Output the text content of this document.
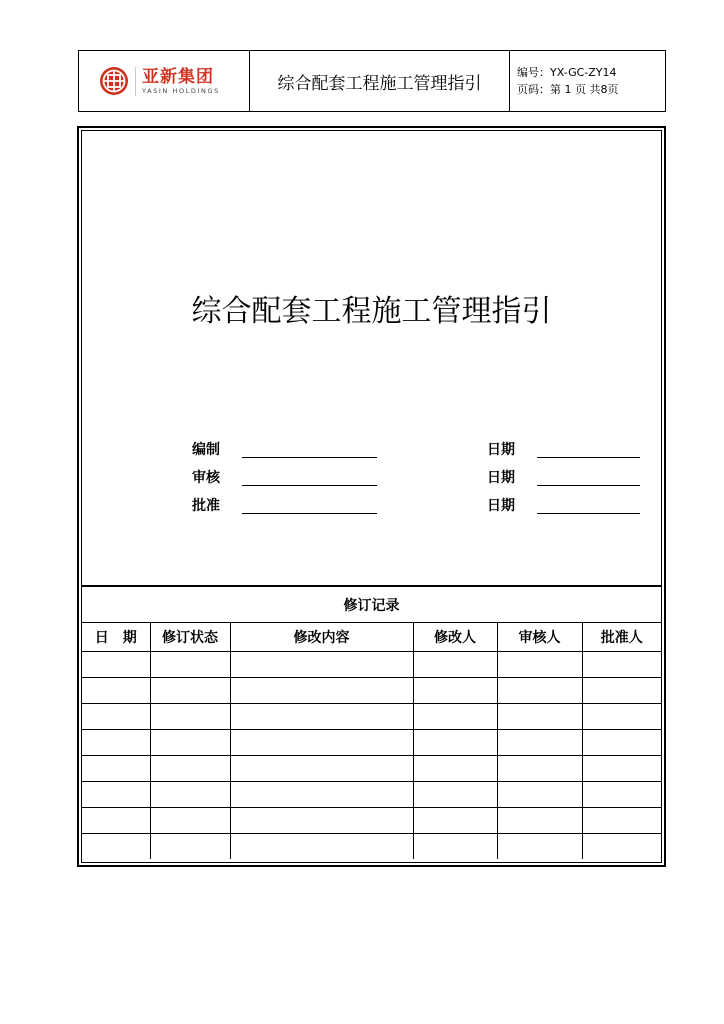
亚新集团
YASIN HOLDINGS	综合配套工程施工管理指引
编号：YX-GC-ZY14
页码：第 1 页 共8页
综合配套工程施工管理指引
编制	日期
审核	日期
批准	日期
修订记录
日　期	修订状态	修改内容	修改人	审核人	批准人
